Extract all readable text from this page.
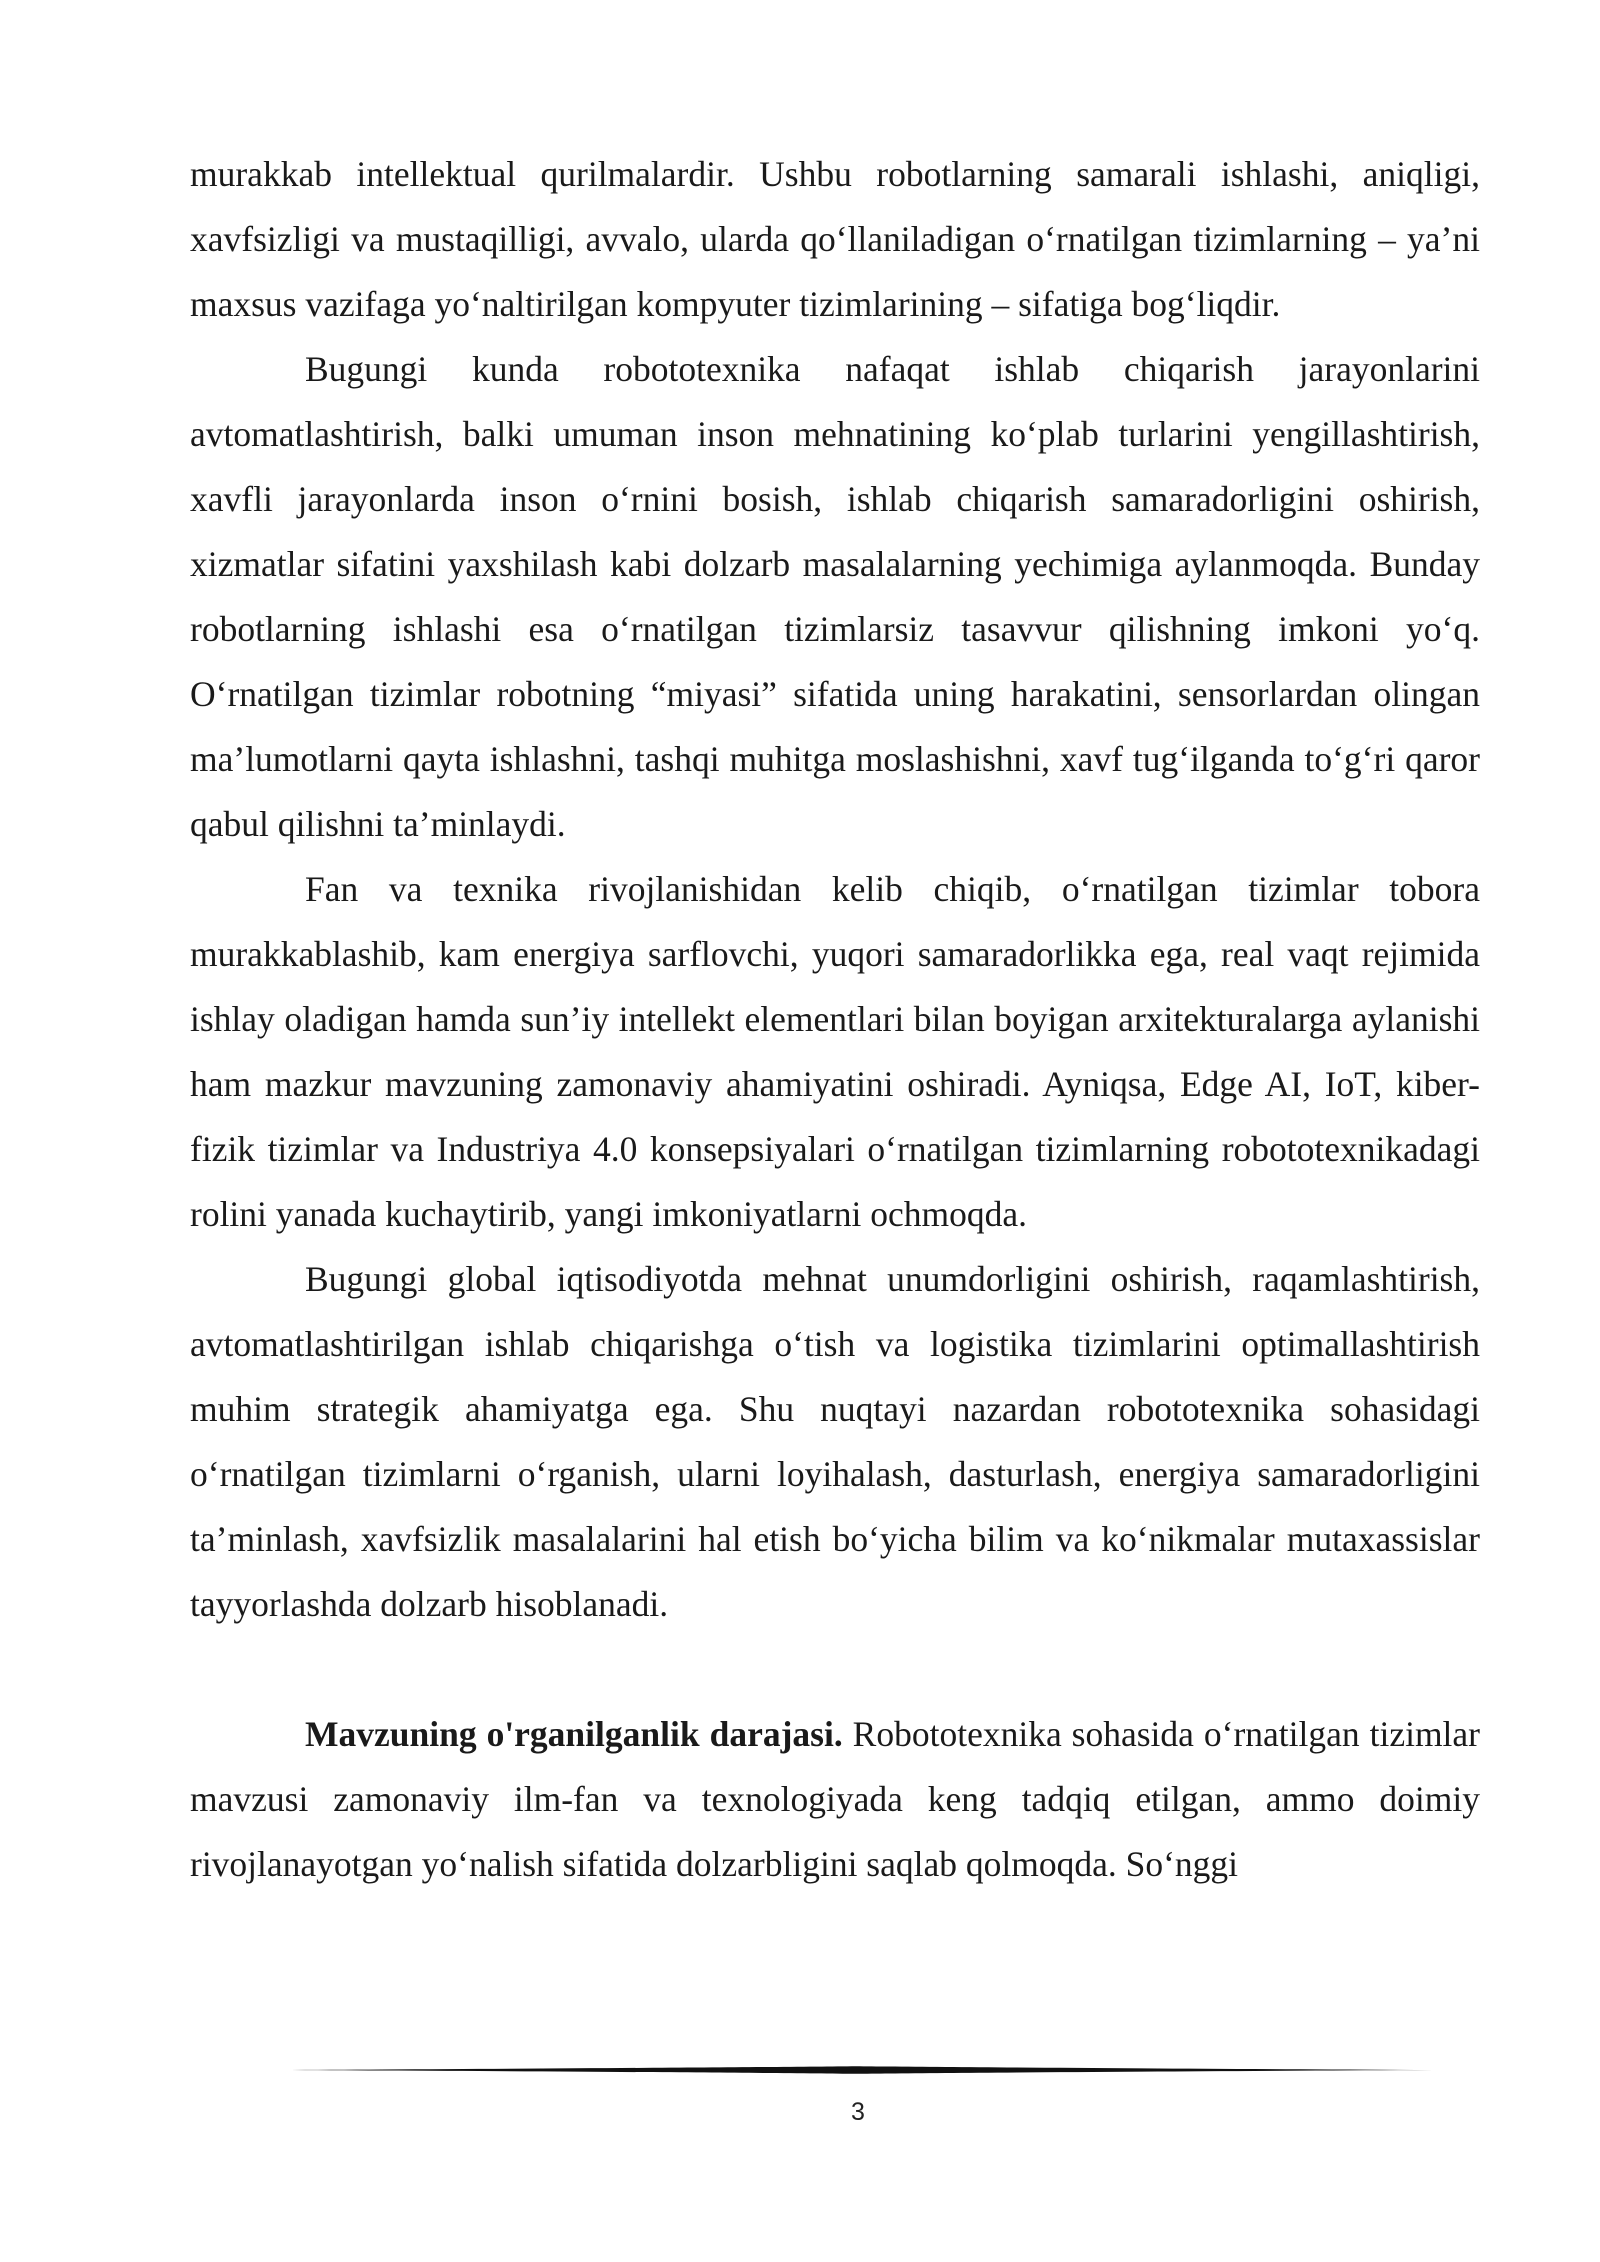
murakkab intellektual qurilmalardir. Ushbu robotlarning samarali ishlashi, aniqligi, xavfsizligi va mustaqilligi, avvalo, ularda qo‘llaniladigan o‘rnatilgan tizimlarning – ya’ni maxsus vazifaga yo‘naltirilgan kompyuter tizimlarining – sifatiga bog‘liqdir.

Bugungi kunda robototexnika nafaqat ishlab chiqarish jarayonlarini avtomatlashtirish, balki umuman inson mehnatining ko‘plab turlarini yengillashtirish, xavfli jarayonlarda inson o‘rnini bosish, ishlab chiqarish samaradorligini oshirish, xizmatlar sifatini yaxshilash kabi dolzarb masalalarning yechimiga aylanmoqda. Bunday robotlarning ishlashi esa o‘rnatilgan tizimlarsiz tasavvur qilishning imkoni yo‘q. O‘rnatilgan tizimlar robotning “miyasi” sifatida uning harakatini, sensorlardan olingan ma’lumotlarni qayta ishlashni, tashqi muhitga moslashishni, xavf tug‘ilganda to‘g‘ri qaror qabul qilishni ta’minlaydi.

Fan va texnika rivojlanishidan kelib chiqib, o‘rnatilgan tizimlar tobora murakkablashib, kam energiya sarflovchi, yuqori samaradorlikka ega, real vaqt rejimida ishlay oladigan hamda sun’iy intellekt elementlari bilan boyigan arxitekturalarga aylanishi ham mazkur mavzuning zamonaviy ahamiyatini oshiradi. Ayniqsa, Edge AI, IoT, kiber-fizik tizimlar va Industriya 4.0 konsepsiyalari o‘rnatilgan tizimlarning robototexnikadagi rolini yanada kuchaytirib, yangi imkoniyatlarni ochmoqda.

Bugungi global iqtisodiyotda mehnat unumdorligini oshirish, raqamlashtirish, avtomatlashtirilgan ishlab chiqarishga o‘tish va logistika tizimlarini optimallashtirish muhim strategik ahamiyatga ega. Shu nuqtayi nazardan robototexnika sohasidagi o‘rnatilgan tizimlarni o‘rganish, ularni loyihalash, dasturlash, energiya samaradorligini ta’minlash, xavfsizlik masalalarini hal etish bo‘yicha bilim va ko‘nikmalar mutaxassislar tayyorlashda dolzarb hisoblanadi.

Mavzuning o'rganilganlik darajasi. Robototexnika sohasida o‘rnatilgan tizimlar mavzusi zamonaviy ilm-fan va texnologiyada keng tadqiq etilgan, ammo doimiy rivojlanayotgan yo‘nalish sifatida dolzarbligini saqlab qolmoqda. So‘nggi

3
